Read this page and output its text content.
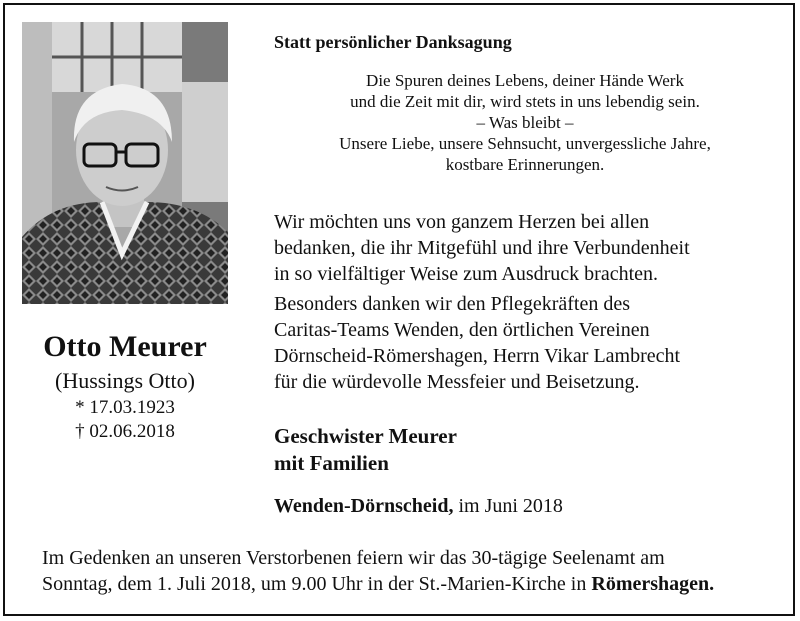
Otto Meurer
(Hussings Otto)
* 17.03.1923
† 02.06.2018
Statt persönlicher Danksagung
Die Spuren deines Lebens, deiner Hände Werk
und die Zeit mit dir, wird stets in uns lebendig sein.
– Was bleibt –
Unsere Liebe, unsere Sehnsucht, unvergessliche Jahre,
kostbare Erinnerungen.

Wir möchten uns von ganzem Herzen bei allen
bedanken, die ihr Mitgefühl und ihre Verbundenheit
in so vielfältiger Weise zum Ausdruck brachten.

Besonders danken wir den Pflegekräften des
Caritas-Teams Wenden, den örtlichen Vereinen
Dörnscheid-Römershagen, Herrn Vikar Lambrecht
für die würdevolle Messfeier und Beisetzung.

Geschwister Meurer
mit Familien
Wenden-Dörnscheid, im Juni 2018
Im Gedenken an unseren Verstorbenen feiern wir das 30-tägige Seelenamt am
Sonntag, dem 1. Juli 2018, um 9.00 Uhr in der St.-Marien-Kirche in Römershagen.
